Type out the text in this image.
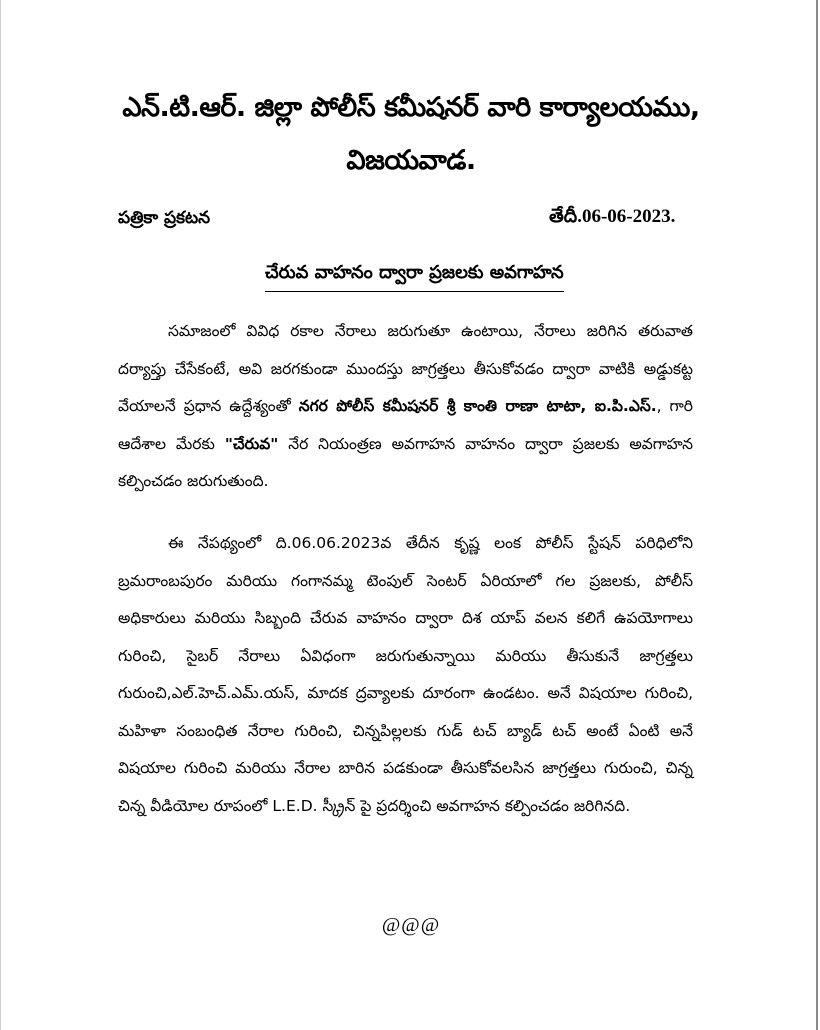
ఎన్.టి.ఆర్. జిల్లా పోలీస్ కమీషనర్ వారి కార్యాలయము,
విజయవాడ.
పత్రికా ప్రకటన	తేదీ.06-06-2023.
చేరువ వాహనం ద్వారా ప్రజలకు అవగాహన

సమాజంలో వివిధ రకాల నేరాలు జరుగుతూ ఉంటాయి, నేరాలు జరిగిన తరువాత దర్యాప్తు చేసేకంటే, అవి జరగకుండా ముందస్తు జాగ్రత్తలు తీసుకోవడం ద్వారా వాటికి అడ్డుకట్ట వేయాలనే ప్రధాన ఉద్దేశ్యంతో నగర పోలీస్ కమీషనర్ శ్రీ కాంతి రాణా టాటా, ఐ.పి.ఎస్., గారి ఆదేశాల మేరకు "చేరువ" నేర నియంత్రణ అవగాహన వాహనం ద్వారా ప్రజలకు అవగాహన కల్పించడం జరుగుతుంది.

ఈ నేపథ్యంలో ది.06.06.2023వ తేదీన కృష్ణ లంక పోలీస్ స్టేషన్ పరిధిలోని బ్రమరాంబపురం మరియు గంగానమ్మ టెంపుల్ సెంటర్ ఏరియాలో గల ప్రజలకు, పోలీస్ అధికారులు మరియు సిబ్బంది చేరువ వాహనం ద్వారా దిశ యాప్ వలన కలిగే ఉపయోగాలు గురించి, సైబర్ నేరాలు ఏవిధంగా జరుగుతున్నాయి మరియు తీసుకునే జాగ్రత్తలు గురుంచి,ఎల్.హెచ్.ఎమ్.యస్, మాదక ద్రవ్యాలకు దూరంగా ఉండటం. అనే విషయాల గురించి, మహిళా సంబంధిత నేరాల గురించి, చిన్నపిల్లలకు గుడ్ టచ్ బ్యాడ్ టచ్ అంటే ఏంటి అనే విషయాల గురించి మరియు నేరాల బారిన పడకుండా తీసుకోవలసిన జాగ్రత్తలు గురుంచి, చిన్న చిన్న వీడియోల రూపంలో L.E.D. స్క్రీన్ పై ప్రదర్శించి అవగాహన కల్పించడం జరిగినది.

@@@
